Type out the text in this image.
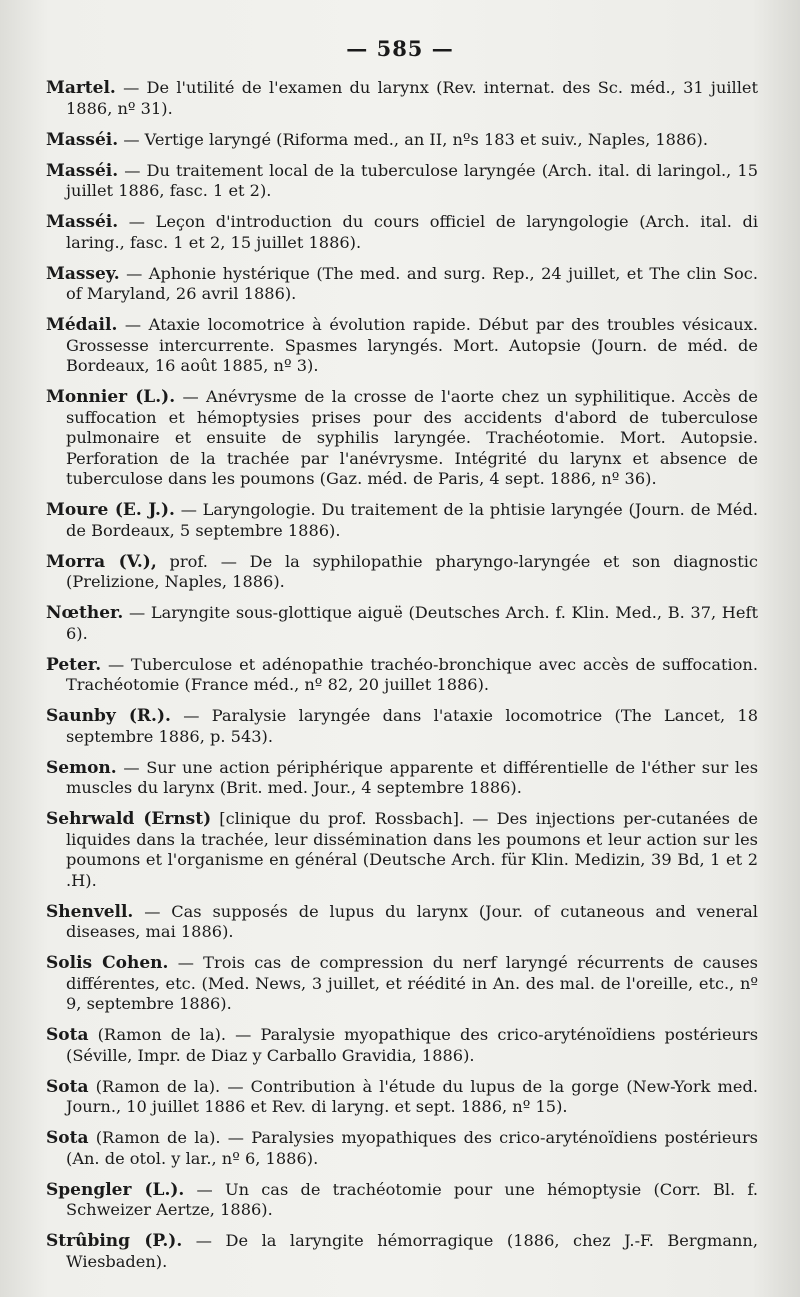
— 585 —

Martel. — De l'utilité de l'examen du larynx (Rev. internat. des Sc. méd., 31 juillet 1886, nº 31).

Masséi. — Vertige laryngé (Riforma med., an II, nºs 183 et suiv., Naples, 1886).

Masséi. — Du traitement local de la tuberculose laryngée (Arch. ital. di laringol., 15 juillet 1886, fasc. 1 et 2).

Masséi. — Leçon d'introduction du cours officiel de laryngologie (Arch. ital. di laring., fasc. 1 et 2, 15 juillet 1886).

Massey. — Aphonie hystérique (The med. and surg. Rep., 24 juillet, et The clin Soc. of Maryland, 26 avril 1886).

Médail. — Ataxie locomotrice à évolution rapide. Début par des troubles vésicaux. Grossesse intercurrente. Spasmes laryngés. Mort. Autopsie (Journ. de méd. de Bordeaux, 16 août 1885, nº 3).

Monnier (L.). — Anévrysme de la crosse de l'aorte chez un syphilitique. Accès de suffocation et hémoptysies prises pour des accidents d'abord de tuberculose pulmonaire et ensuite de syphilis laryngée. Trachéotomie. Mort. Autopsie. Perforation de la trachée par l'anévrysme. Intégrité du larynx et absence de tuberculose dans les poumons (Gaz. méd. de Paris, 4 sept. 1886, nº 36).

Moure (E. J.). — Laryngologie. Du traitement de la phtisie laryngée (Journ. de Méd. de Bordeaux, 5 septembre 1886).

Morra (V.), prof. — De la syphilopathie pharyngo-laryngée et son diagnostic (Prelizione, Naples, 1886).

Nœther. — Laryngite sous-glottique aiguë (Deutsches Arch. f. Klin. Med., B. 37, Heft 6).

Peter. — Tuberculose et adénopathie trachéo-bronchique avec accès de suffocation. Trachéotomie (France méd., nº 82, 20 juillet 1886).

Saunby (R.). — Paralysie laryngée dans l'ataxie locomotrice (The Lancet, 18 septembre 1886, p. 543).

Semon. — Sur une action périphérique apparente et différentielle de l'éther sur les muscles du larynx (Brit. med. Jour., 4 septembre 1886).

Sehrwald (Ernst) [clinique du prof. Rossbach]. — Des injections per-cutanées de liquides dans la trachée, leur dissémination dans les poumons et leur action sur les poumons et l'organisme en général (Deutsche Arch. für Klin. Medizin, 39 Bd, 1 et 2 .H).

Shenvell. — Cas supposés de lupus du larynx (Jour. of cutaneous and veneral diseases, mai 1886).

Solis Cohen. — Trois cas de compression du nerf laryngé récurrents de causes différentes, etc. (Med. News, 3 juillet, et réédité in An. des mal. de l'oreille, etc., nº 9, septembre 1886).

Sota (Ramon de la). — Paralysie myopathique des crico-aryténoïdiens postérieurs (Séville, Impr. de Diaz y Carballo Gravidia, 1886).

Sota (Ramon de la). — Contribution à l'étude du lupus de la gorge (New-York med. Journ., 10 juillet 1886 et Rev. di laryng. et sept. 1886, nº 15).

Sota (Ramon de la). — Paralysies myopathiques des crico-aryténoïdiens postérieurs (An. de otol. y lar., nº 6, 1886).

Spengler (L.). — Un cas de trachéotomie pour une hémoptysie (Corr. Bl. f. Schweizer Aertze, 1886).

Strûbing (P.). — De la laryngite hémorragique (1886, chez J.-F. Bergmann, Wiesbaden).
